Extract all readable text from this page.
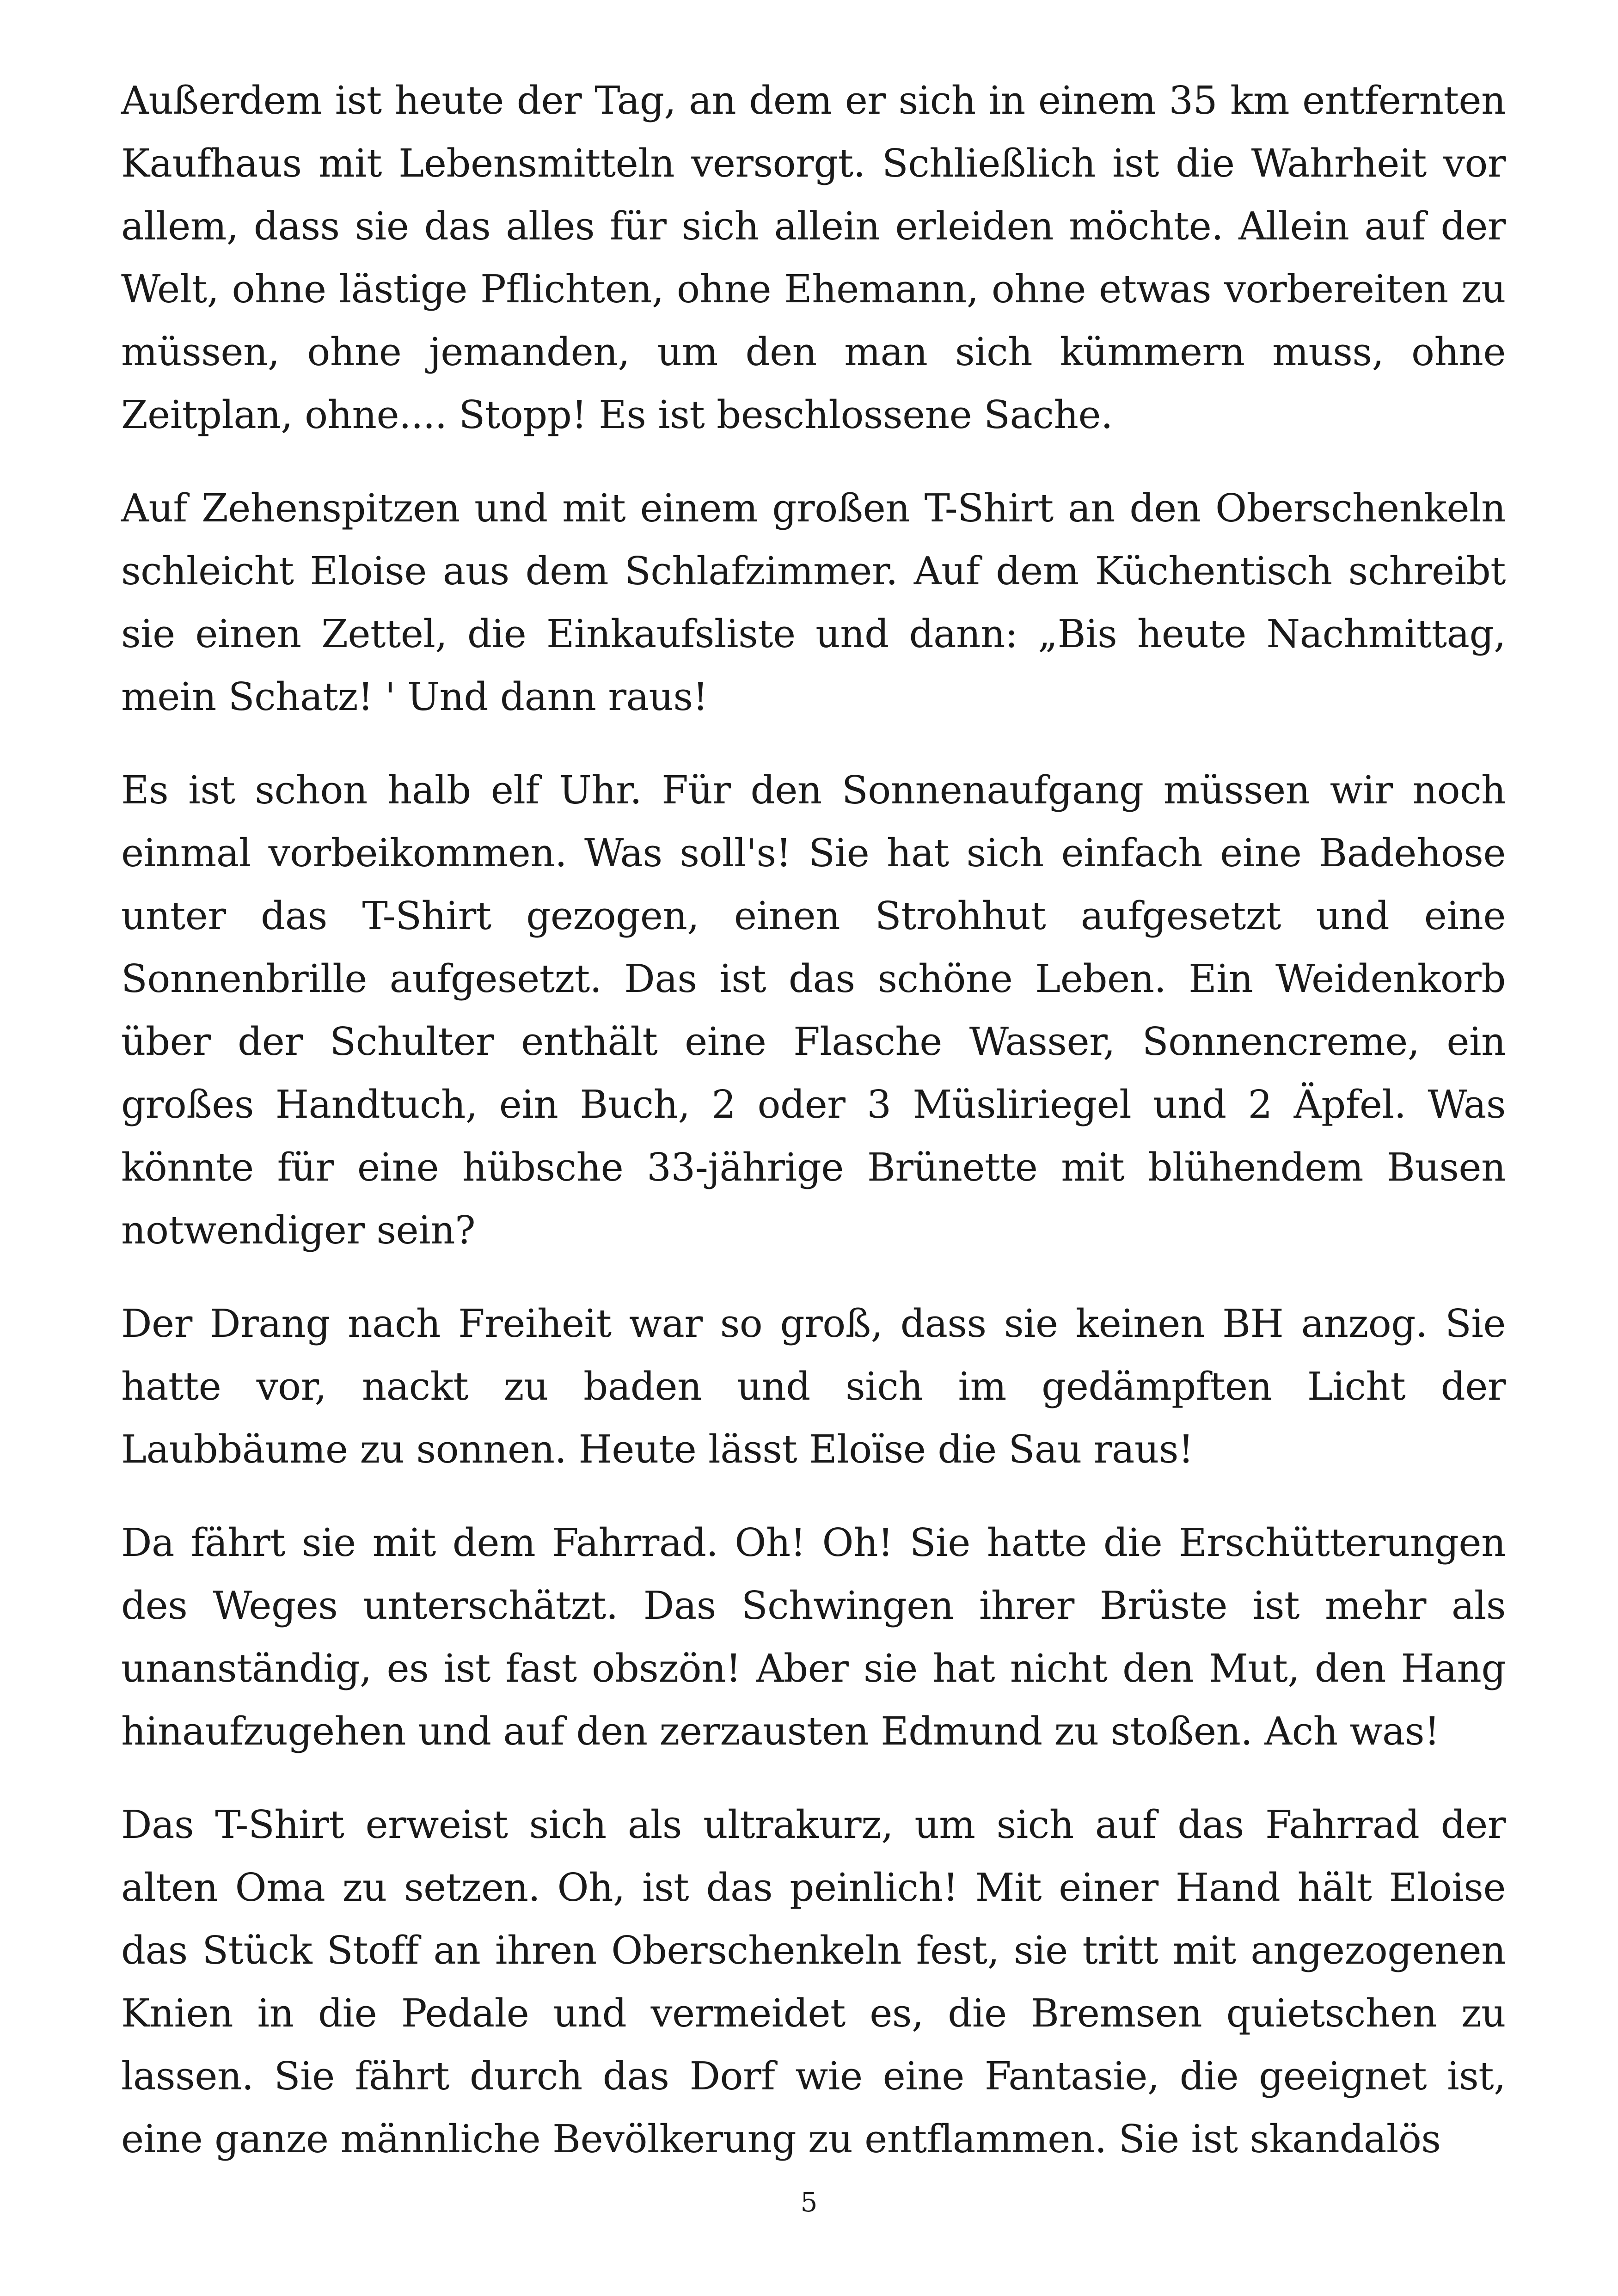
Außerdem ist heute der Tag, an dem er sich in einem 35 km entfernten Kaufhaus mit Lebensmitteln versorgt. Schließlich ist die Wahrheit vor allem, dass sie das alles für sich allein erleiden möchte. Allein auf der Welt, ohne lästige Pflichten, ohne Ehemann, ohne etwas vorbereiten zu müssen, ohne jemanden, um den man sich kümmern muss, ohne Zeitplan, ohne.... Stopp! Es ist beschlossene Sache.

Auf Zehenspitzen und mit einem großen T-Shirt an den Oberschenkeln schleicht Eloise aus dem Schlafzimmer. Auf dem Küchentisch schreibt sie einen Zettel, die Einkaufsliste und dann: „Bis heute Nachmittag, mein Schatz! ' Und dann raus!

Es ist schon halb elf Uhr. Für den Sonnenaufgang müssen wir noch einmal vorbeikommen. Was soll's! Sie hat sich einfach eine Badehose unter das T-Shirt gezogen, einen Strohhut aufgesetzt und eine Sonnenbrille aufgesetzt. Das ist das schöne Leben. Ein Weidenkorb über der Schulter enthält eine Flasche Wasser, Sonnencreme, ein großes Handtuch, ein Buch, 2 oder 3 Müsliriegel und 2 Äpfel. Was könnte für eine hübsche 33-jährige Brünette mit blühendem Busen notwendiger sein?

Der Drang nach Freiheit war so groß, dass sie keinen BH anzog. Sie hatte vor, nackt zu baden und sich im gedämpften Licht der Laubbäume zu sonnen. Heute lässt Eloïse die Sau raus!

Da fährt sie mit dem Fahrrad. Oh! Oh! Sie hatte die Erschütterungen des Weges unterschätzt. Das Schwingen ihrer Brüste ist mehr als unanständig, es ist fast obszön! Aber sie hat nicht den Mut, den Hang hinaufzugehen und auf den zerzausten Edmund zu stoßen. Ach was!

Das T-Shirt erweist sich als ultrakurz, um sich auf das Fahrrad der alten Oma zu setzen. Oh, ist das peinlich! Mit einer Hand hält Eloise das Stück Stoff an ihren Oberschenkeln fest, sie tritt mit angezogenen Knien in die Pedale und vermeidet es, die Bremsen quietschen zu lassen. Sie fährt durch das Dorf wie eine Fantasie, die geeignet ist, eine ganze männliche Bevölkerung zu entflammen. Sie ist skandalös

5
